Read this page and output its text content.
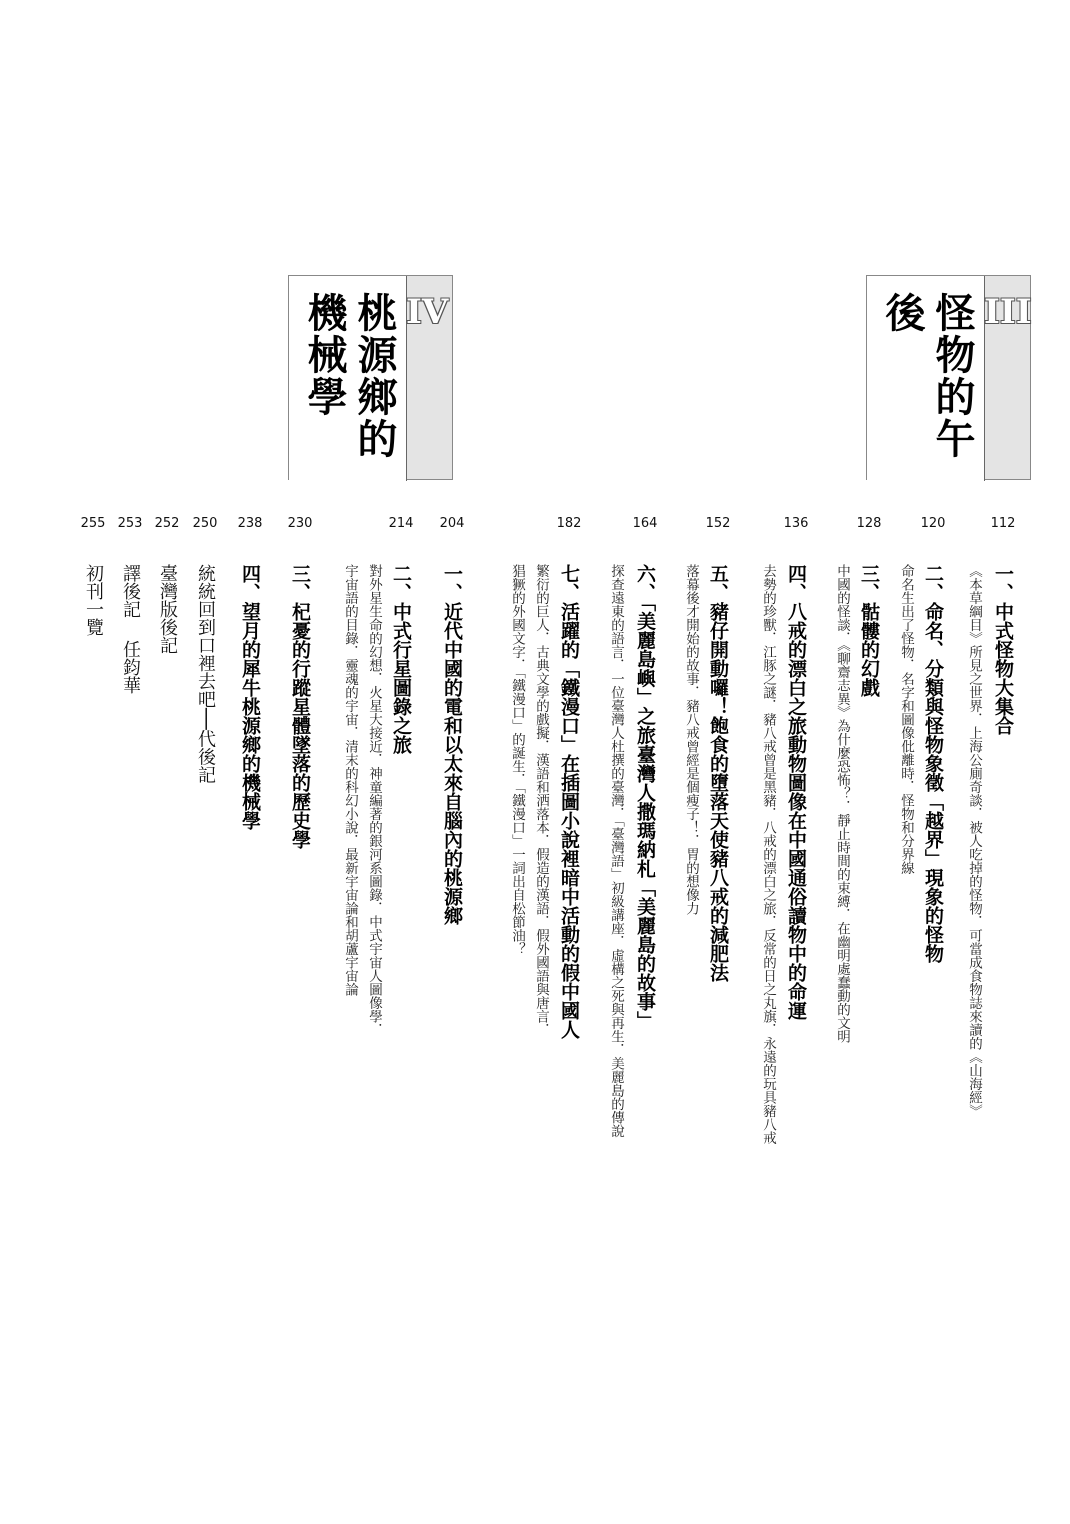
怪物的午後	III
桃源鄉的機械學	IV
112
一、中式怪物大集合
《本草綱目》所見之世界．上海公廁奇談．被人吃掉的怪物．可當成食物誌來讀的《山海經》
120
二、命名、分類與怪物象徵「越界」現象的怪物
命名生出了怪物．名字和圖像仳離時．怪物和分界線
128
三、骷髏的幻戲
中國的怪談．《聊齋志異》為什麼恐怖？．靜止時間的束縛．在幽明處蠢動的文明
136
四、八戒的漂白之旅動物圖像在中國通俗讀物中的命運
去勢的珍獸．江豚之謎．豬八戒曾是黑豬．八戒的漂白之旅．反常的日之丸旗．永遠的玩具豬八戒
152
五、豬仔開動囉！飽食的墮落天使豬八戒的減肥法
落幕後才開始的故事．豬八戒曾經是個瘦子！．胃的想像力
164
六、「美麗島嶼」之旅臺灣人撒瑪納札「美麗島的故事」
探查遠東的語言．一位臺灣人杜撰的臺灣．「臺灣語」初級講座．虛構之死與再生．美麗島的傳說
182
七、活躍的「鐵漫口」在插圖小說裡暗中活動的假中國人
繁衍的巨人．古典文學的戲擬．漢語和洒落本．假造的漢語．假外國語與唐言．
猖獗的外國文字．「鐵漫口」的誕生．「鐵漫口」一詞出自松節油？
204
一、近代中國的電和以太來自腦內的桃源鄉
214
二、中式行星圖錄之旅
對外星生命的幻想．火星大接近．神童編著的銀河系圖錄．中式宇宙人圖像學．
宇宙語的目錄．靈魂的宇宙．清末的科幻小說．最新宇宙論和胡蘆宇宙論
230
三、杞憂的行蹤星體墜落的歷史學
238
四、望月的犀牛桃源鄉的機械學
250
統統回到口裡去吧──代後記
252
臺灣版後記
253
譯後記任鈞華
255
初刊一覽
